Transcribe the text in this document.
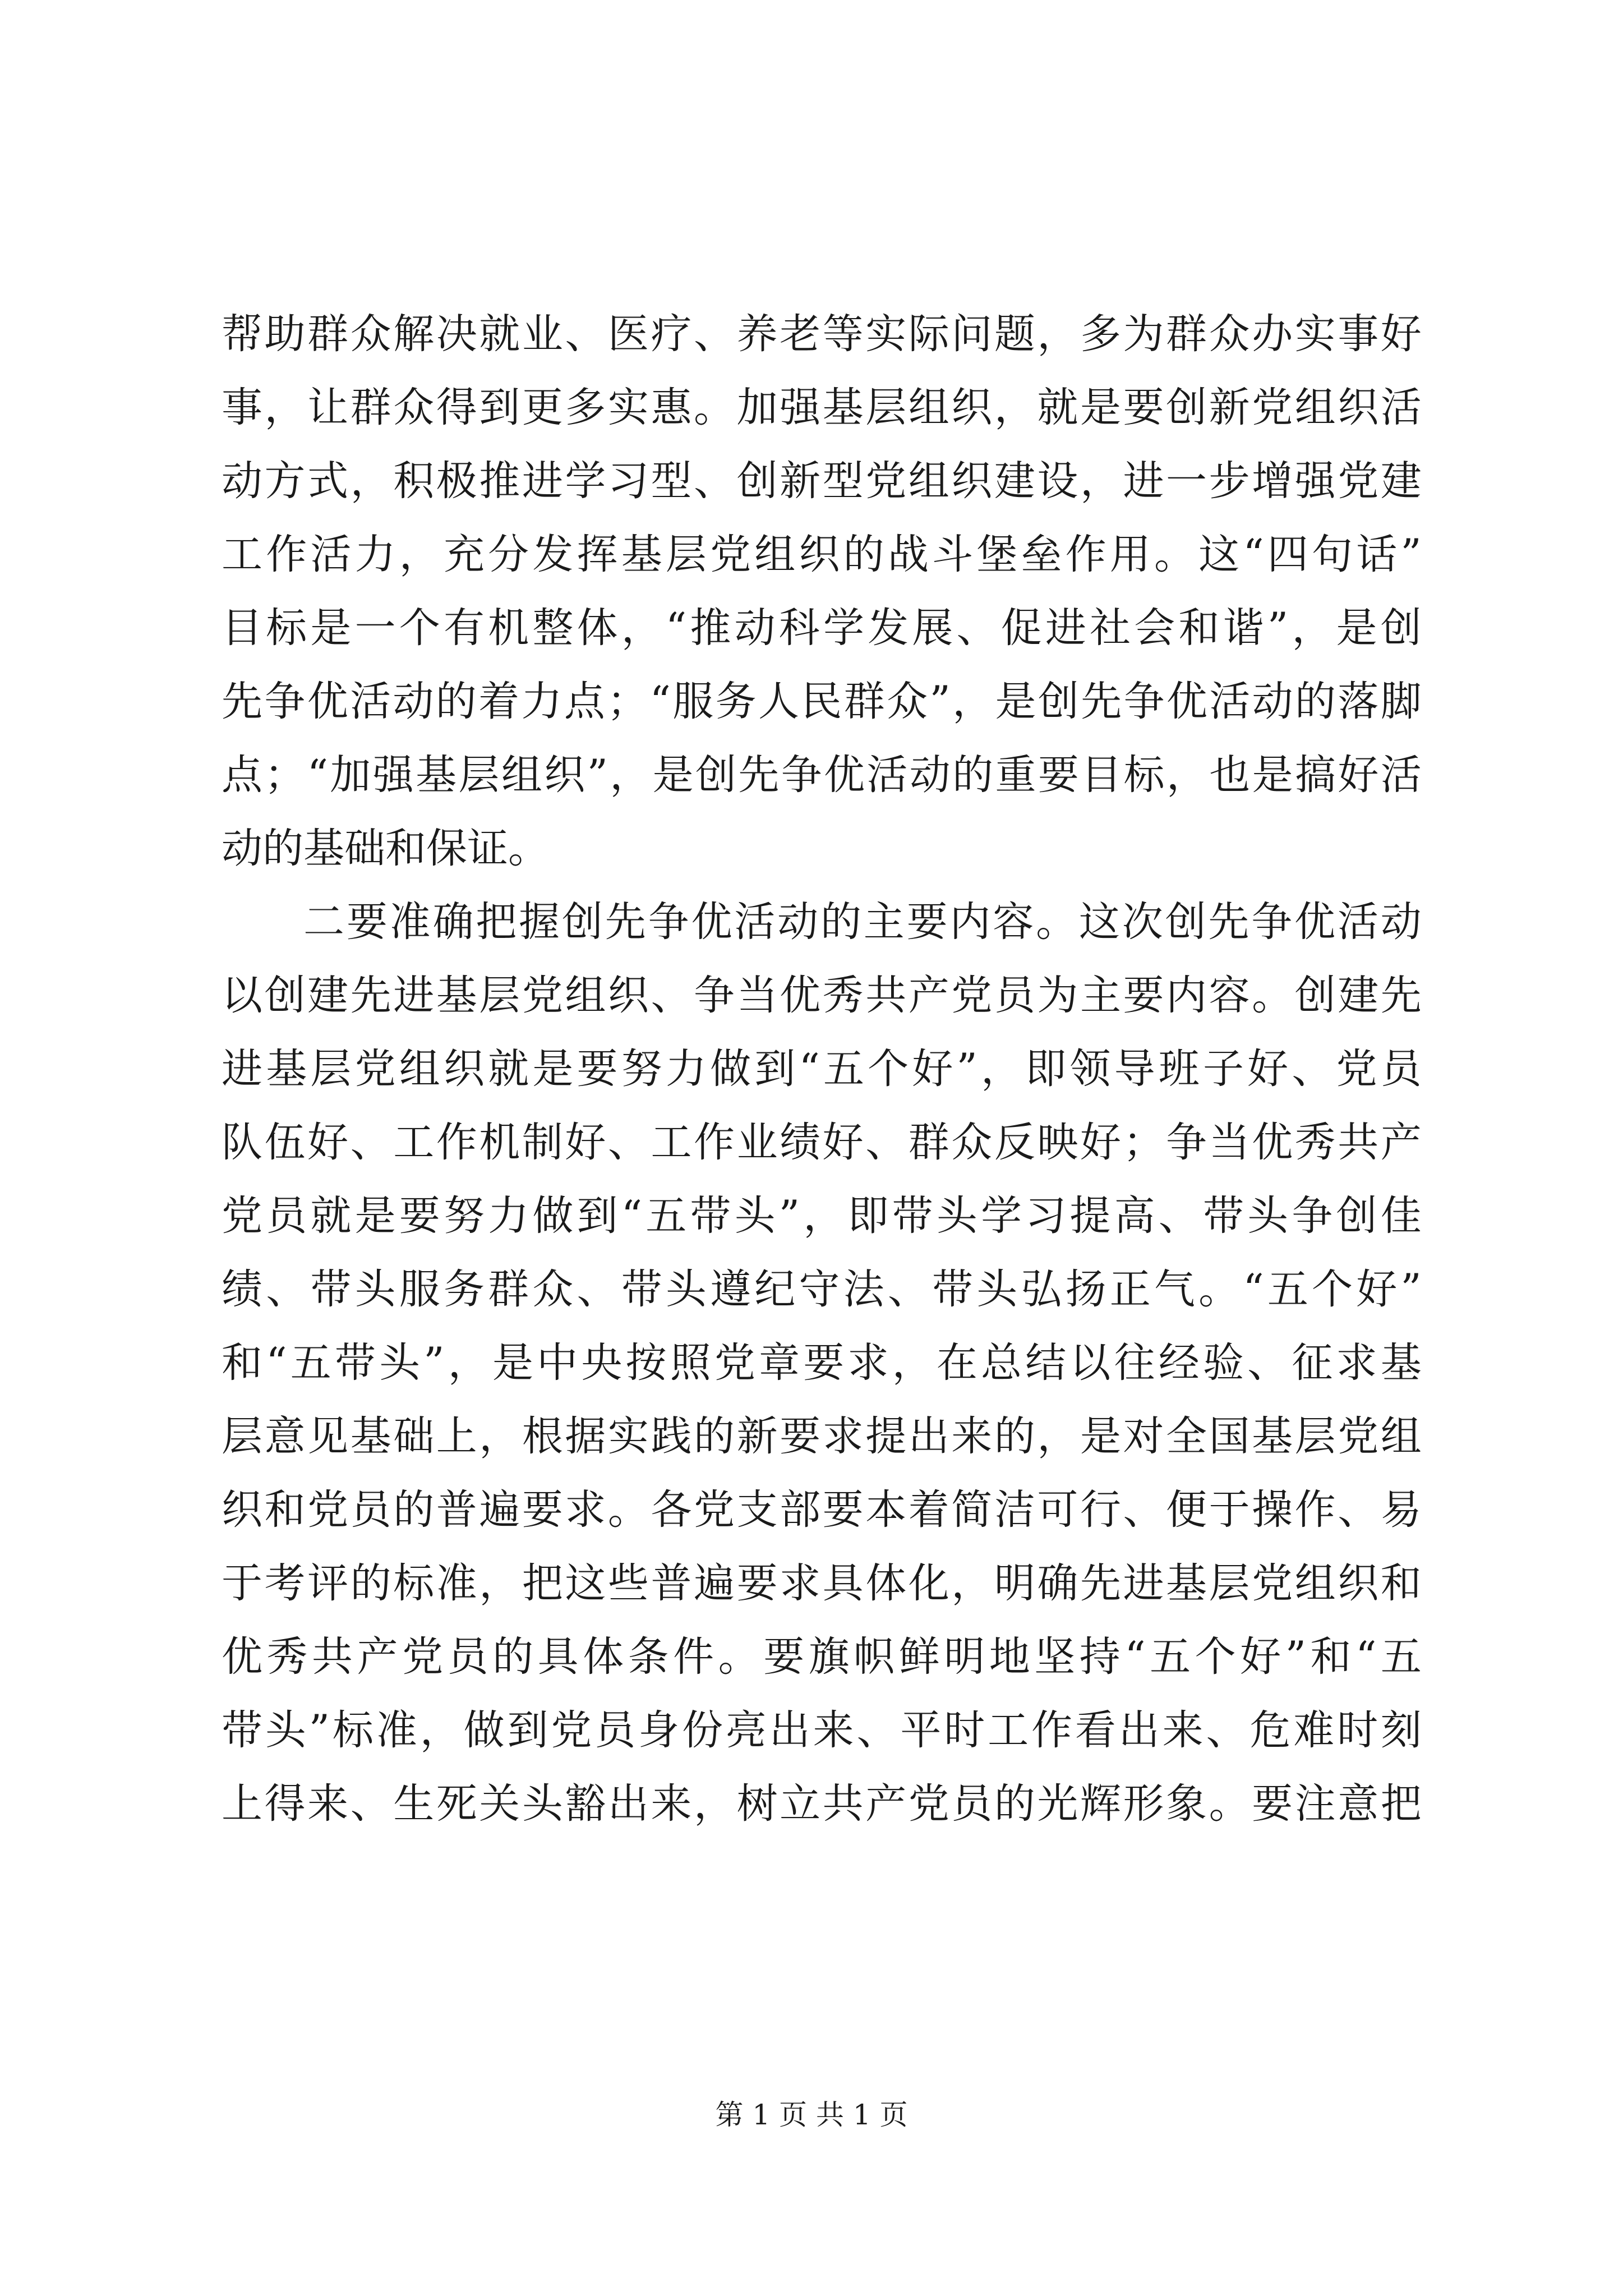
帮 助 群 众 解 决 就 业 、 医 疗 、 养 老 等 实 际 问 题 ， 多 为 群 众 办 实 事 好
事 ， 让 群 众 得 到 更 多 实 惠 。 加 强 基 层 组 织 ， 就 是 要 创 新 党 组 织 活
动 方 式 ， 积 极 推 进 学 习 型 、 创 新 型 党 组 织 建 设 ， 进 一 步 增 强 党 建
工 作 活 力 ， 充 分 发 挥 基 层 党 组 织 的 战 斗 堡 垒 作 用 。 这 “ 四 句 话 ”
目 标 是 一 个 有 机 整 体 ， “ 推 动 科 学 发 展 、 促 进 社 会 和 谐 ” ， 是 创
先 争 优 活 动 的 着 力 点 ； “ 服 务 人 民 群 众 ” ， 是 创 先 争 优 活 动 的 落 脚
点 ； “ 加 强 基 层 组 织 ” ， 是 创 先 争 优 活 动 的 重 要 目 标 ， 也 是 搞 好 活
动的基础和保证。
二 要 准 确 把 握 创 先 争 优 活 动 的 主 要 内 容 。 这 次 创 先 争 优 活 动
以 创 建 先 进 基 层 党 组 织 、 争 当 优 秀 共 产 党 员 为 主 要 内 容 。 创 建 先
进 基 层 党 组 织 就 是 要 努 力 做 到 “ 五 个 好 ” ， 即 领 导 班 子 好 、 党 员
队 伍 好 、 工 作 机 制 好 、 工 作 业 绩 好 、 群 众 反 映 好 ； 争 当 优 秀 共 产
党 员 就 是 要 努 力 做 到 “ 五 带 头 ” ， 即 带 头 学 习 提 高 、 带 头 争 创 佳
绩 、 带 头 服 务 群 众 、 带 头 遵 纪 守 法 、 带 头 弘 扬 正 气 。 “ 五 个 好 ”
和 “ 五 带 头 ” ， 是 中 央 按 照 党 章 要 求 ， 在 总 结 以 往 经 验 、 征 求 基
层 意 见 基 础 上 ， 根 据 实 践 的 新 要 求 提 出 来 的 ， 是 对 全 国 基 层 党 组
织 和 党 员 的 普 遍 要 求 。 各 党 支 部 要 本 着 简 洁 可 行 、 便 于 操 作 、 易
于 考 评 的 标 准 ， 把 这 些 普 遍 要 求 具 体 化 ， 明 确 先 进 基 层 党 组 织 和
优 秀 共 产 党 员 的 具 体 条 件 。 要 旗 帜 鲜 明 地 坚 持 “ 五 个 好 ” 和 “ 五
带 头 ” 标 准 ， 做 到 党 员 身 份 亮 出 来 、 平 时 工 作 看 出 来 、 危 难 时 刻
上 得 来 、 生 死 关 头 豁 出 来 ， 树 立 共 产 党 员 的 光 辉 形 象 。 要 注 意 把
第 1 页 共 1 页
